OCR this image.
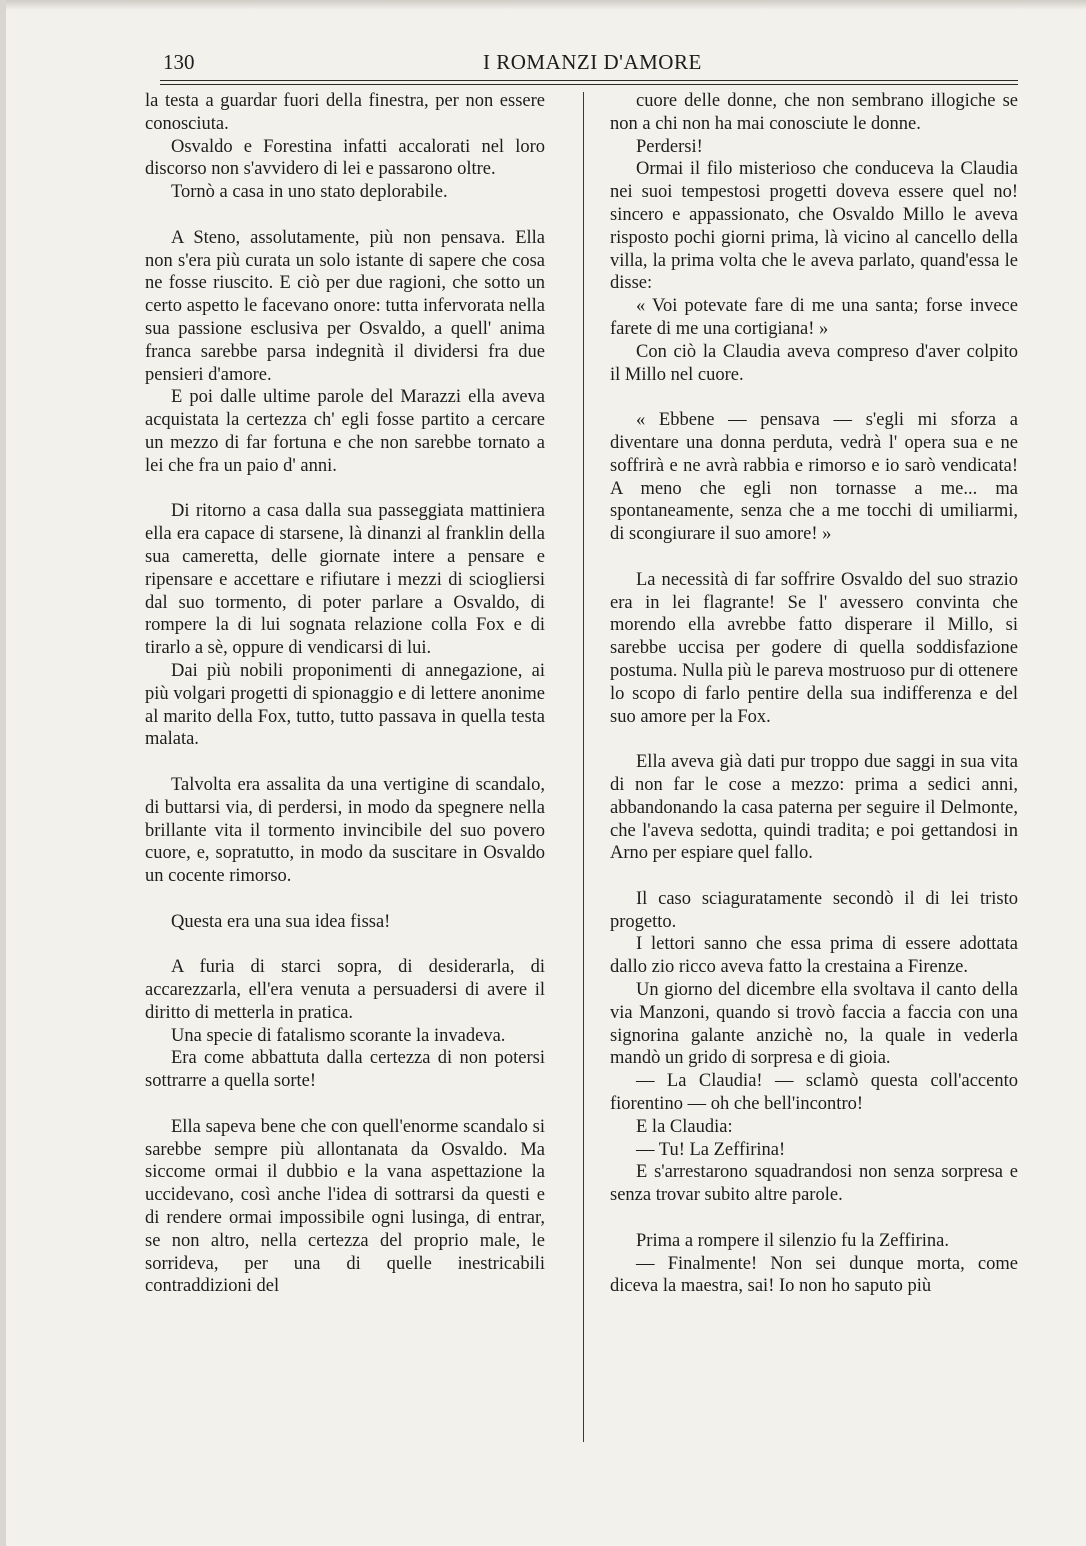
130	I ROMANZI D'AMORE

la testa a guardar fuori della finestra, per non essere conosciuta.

Osvaldo e Forestina infatti accalorati nel loro discorso non s'avvidero di lei e passarono oltre.

Tornò a casa in uno stato deplorabile.

A Steno, assolutamente, più non pensava. Ella non s'era più curata un solo istante di sapere che cosa ne fosse riuscito. E ciò per due ragioni, che sotto un certo aspetto le facevano onore: tutta infervorata nella sua passione esclusiva per Osvaldo, a quell' anima franca sarebbe parsa indegnità il dividersi fra due pensieri d'amore.

E poi dalle ultime parole del Marazzi ella aveva acquistata la certezza ch' egli fosse partito a cercare un mezzo di far fortuna e che non sarebbe tornato a lei che fra un paio d' anni.

Di ritorno a casa dalla sua passeggiata mattiniera ella era capace di starsene, là dinanzi al franklin della sua cameretta, delle giornate intere a pensare e ripensare e accettare e rifiutare i mezzi di sciogliersi dal suo tormento, di poter parlare a Osvaldo, di rompere la di lui sognata relazione colla Fox e di tirarlo a sè, oppure di vendicarsi di lui.

Dai più nobili proponimenti di annegazione, ai più volgari progetti di spionaggio e di lettere anonime al marito della Fox, tutto, tutto passava in quella testa malata.

Talvolta era assalita da una vertigine di scandalo, di buttarsi via, di perdersi, in modo da spegnere nella brillante vita il tormento invincibile del suo povero cuore, e, sopratutto, in modo da suscitare in Osvaldo un cocente rimorso.

Questa era una sua idea fissa!

A furia di starci sopra, di desiderarla, di accarezzarla, ell'era venuta a persuadersi di avere il diritto di metterla in pratica.

Una specie di fatalismo scorante la invadeva.

Era come abbattuta dalla certezza di non potersi sottrarre a quella sorte!

Ella sapeva bene che con quell'enorme scandalo si sarebbe sempre più allontanata da Osvaldo. Ma siccome ormai il dubbio e la vana aspettazione la uccidevano, così anche l'idea di sottrarsi da questi e di rendere ormai impossibile ogni lusinga, di entrar, se non altro, nella certezza del proprio male, le sorrideva, per una di quelle inestricabili contraddizioni del

cuore delle donne, che non sembrano illogiche se non a chi non ha mai conosciute le donne.

Perdersi!

Ormai il filo misterioso che conduceva la Claudia nei suoi tempestosi progetti doveva essere quel no! sincero e appassionato, che Osvaldo Millo le aveva risposto pochi giorni prima, là vicino al cancello della villa, la prima volta che le aveva parlato, quand'essa le disse:

« Voi potevate fare di me una santa; forse invece farete di me una cortigiana! »

Con ciò la Claudia aveva compreso d'aver colpito il Millo nel cuore.

« Ebbene — pensava — s'egli mi sforza a diventare una donna perduta, vedrà l' opera sua e ne soffrirà e ne avrà rabbia e rimorso e io sarò vendicata! A meno che egli non tornasse a me... ma spontaneamente, senza che a me tocchi di umiliarmi, di scongiurare il suo amore! »

La necessità di far soffrire Osvaldo del suo strazio era in lei flagrante! Se l' avessero convinta che morendo ella avrebbe fatto disperare il Millo, si sarebbe uccisa per godere di quella soddisfazione postuma. Nulla più le pareva mostruoso pur di ottenere lo scopo di farlo pentire della sua indifferenza e del suo amore per la Fox.

Ella aveva già dati pur troppo due saggi in sua vita di non far le cose a mezzo: prima a sedici anni, abbandonando la casa paterna per seguire il Delmonte, che l'aveva sedotta, quindi tradita; e poi gettandosi in Arno per espiare quel fallo.

Il caso sciaguratamente secondò il di lei tristo progetto.

I lettori sanno che essa prima di essere adottata dallo zio ricco aveva fatto la crestaina a Firenze.

Un giorno del dicembre ella svoltava il canto della via Manzoni, quando si trovò faccia a faccia con una signorina galante anzichè no, la quale in vederla mandò un grido di sorpresa e di gioia.

— La Claudia! — sclamò questa coll'accento fiorentino — oh che bell'incontro!

E la Claudia:

— Tu! La Zeffirina!

E s'arrestarono squadrandosi non senza sorpresa e senza trovar subito altre parole.

Prima a rompere il silenzio fu la Zeffirina.

— Finalmente! Non sei dunque morta, come diceva la maestra, sai! Io non ho saputo più
